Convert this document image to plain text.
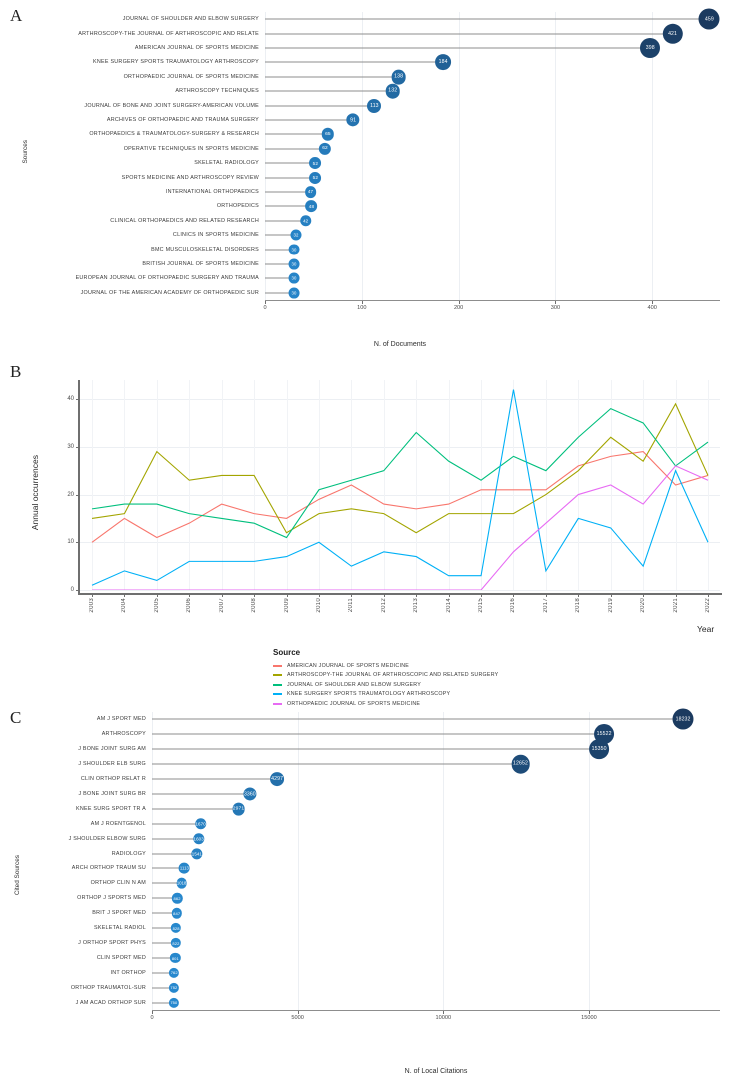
A	JOURNAL OF SHOULDER AND ELBOW SURGERY	459
ARTHROSCOPY-THE JOURNAL OF ARTHROSCOPIC AND RELATE	421
AMERICAN JOURNAL OF SPORTS MEDICINE	398
KNEE SURGERY SPORTS TRAUMATOLOGY ARTHROSCOPY	184
ORTHOPAEDIC JOURNAL OF SPORTS MEDICINE	138
ARTHROSCOPY TECHNIQUES	132
JOURNAL OF BONE AND JOINT SURGERY-AMERICAN VOLUME	113
ARCHIVES OF ORTHOPAEDIC AND TRAUMA SURGERY	91
ORTHOPAEDICS & TRAUMATOLOGY-SURGERY & RESEARCH	65
OPERATIVE TECHNIQUES IN SPORTS MEDICINE	62
SKELETAL RADIOLOGY	52
SPORTS MEDICINE AND ARTHROSCOPY REVIEW	52
INTERNATIONAL ORTHOPAEDICS	47
ORTHOPEDICS	48
CLINICAL ORTHOPAEDICS AND RELATED RESEARCH	42
CLINICS IN SPORTS MEDICINE	32
BMC MUSCULOSKELETAL DISORDERS	30
BRITISH JOURNAL OF SPORTS MEDICINE	30
EUROPEAN JOURNAL OF ORTHOPAEDIC SURGERY AND TRAUMA	30
JOURNAL OF THE AMERICAN ACADEMY OF ORTHOPAEDIC SUR	30
0	100	200	300	400
Sources
N. of Documents
B
0
10
20
30
40
2003	2004	2005	2006	2007	2008	2009	2010	2011	2012	2013	2014	2015	2016	2017	2018	2019	2020	2021	2022
Annual occurrences
Year
Source
AMERICAN JOURNAL OF SPORTS MEDICINE
ARTHROSCOPY-THE JOURNAL OF ARTHROSCOPIC AND RELATED SURGERY
JOURNAL OF SHOULDER AND ELBOW SURGERY
KNEE SURGERY SPORTS TRAUMATOLOGY ARTHROSCOPY
ORTHOPAEDIC JOURNAL OF SPORTS MEDICINE
C	AM J SPORT MED	18232
ARTHROSCOPY	15522
J BONE JOINT SURG AM	15350
J SHOULDER ELB SURG	12652
CLIN ORTHOP RELAT R	4297
J BONE JOINT SURG BR	3360
KNEE SURG SPORT TR A	2971
AM J ROENTGENOL	1670
J SHOULDER ELBOW SURG	1603
RADIOLOGY	1541
ARCH ORTHOP TRAUM SU	1113
ORTHOP CLIN N AM	1018
ORTHOP J SPORTS MED	862
BRIT J SPORT MED	847
SKELETAL RADIOL	828
J ORTHOP SPORT PHYS	822
CLIN SPORT MED	801
INT ORTHOP	762
ORTHOP TRAUMATOL-SUR	752
J AM ACAD ORTHOP SUR	750
0	5000	10000	15000
Cited Sources
N. of Local Citations
